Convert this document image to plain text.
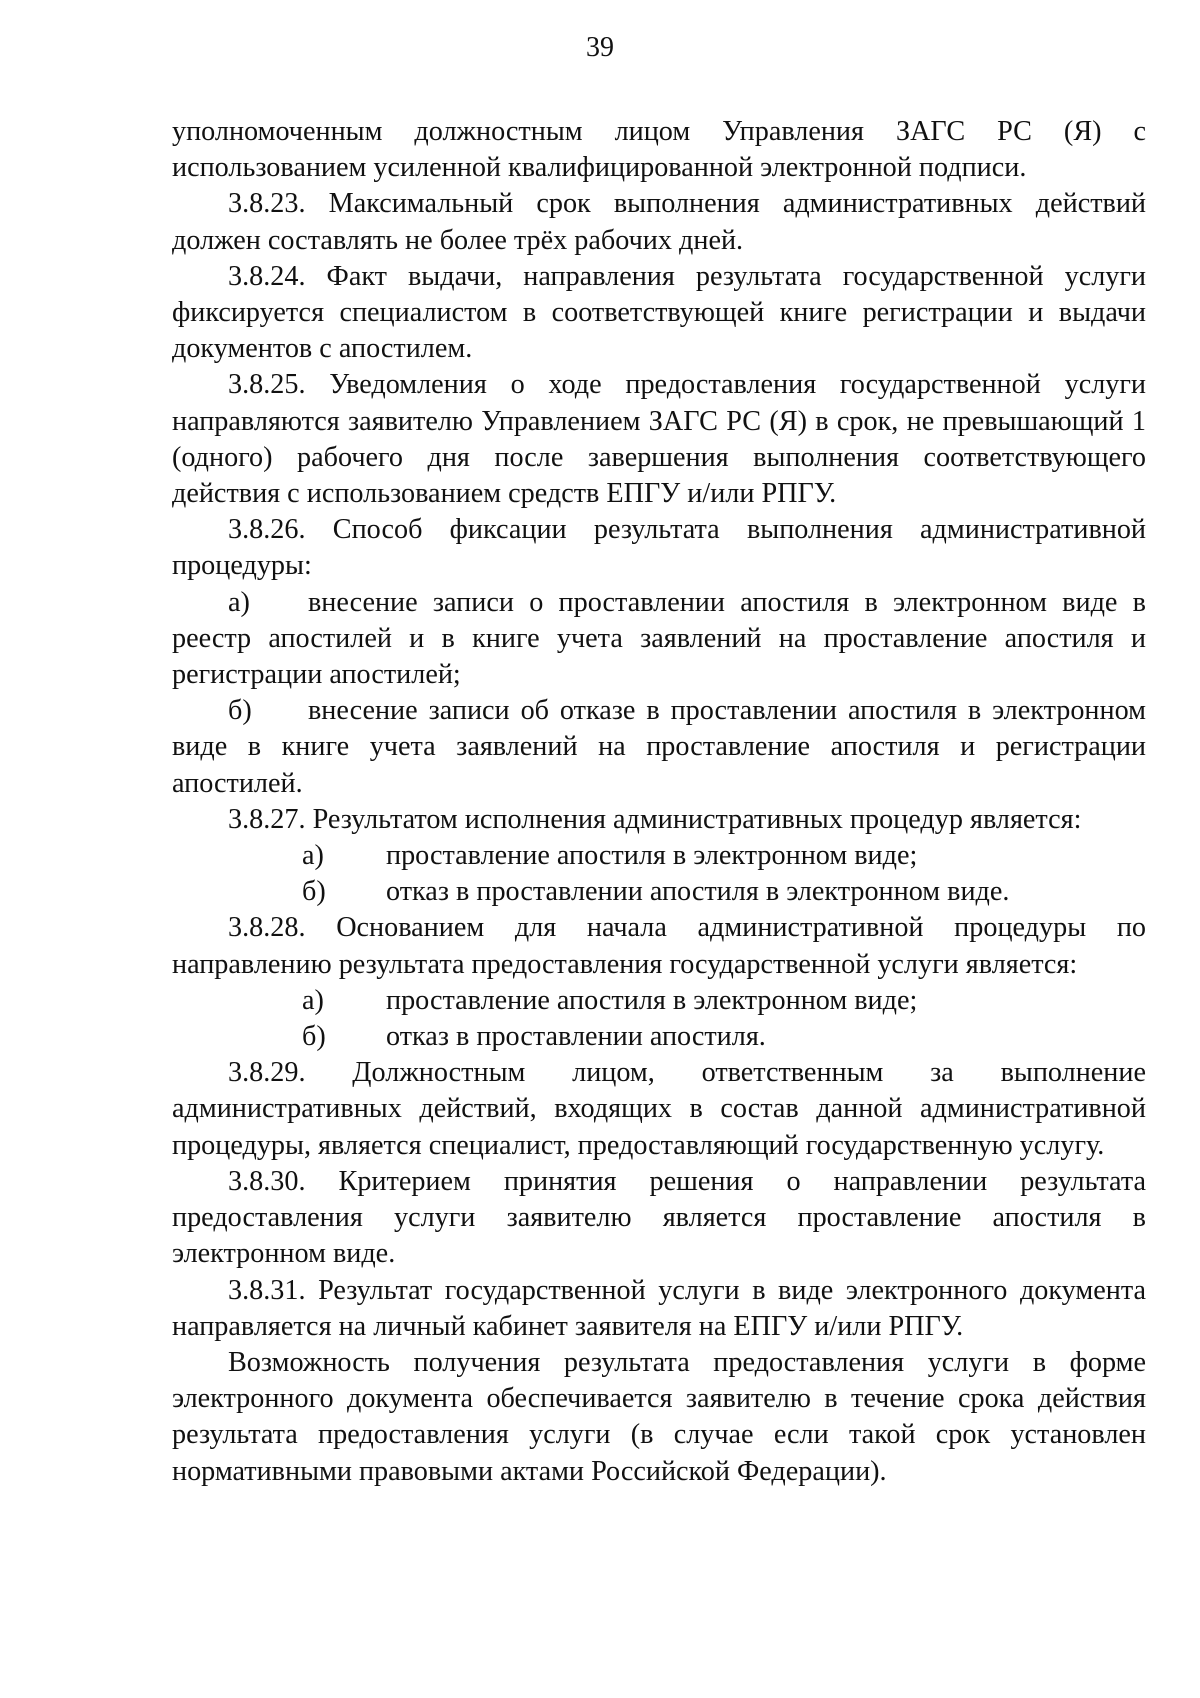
39

уполномоченным должностным лицом Управления ЗАГС РС (Я) с использованием усиленной квалифицированной электронной подписи.

3.8.23. Максимальный срок выполнения административных действий должен составлять не более трёх рабочих дней.

3.8.24. Факт выдачи, направления результата государственной услуги фиксируется специалистом в соответствующей книге регистрации и выдачи документов с апостилем.

3.8.25. Уведомления о ходе предоставления государственной услуги направляются заявителю Управлением ЗАГС РС (Я) в срок, не превышающий 1 (одного) рабочего дня после завершения выполнения соответствующего действия с использованием средств ЕПГУ и/или РПГУ.

3.8.26. Способ фиксации результата выполнения административной процедуры:

а) внесение записи о проставлении апостиля в электронном виде в реестр апостилей и в книге учета заявлений на проставление апостиля и регистрации апостилей;

б) внесение записи об отказе в проставлении апостиля в электронном виде в книге учета заявлений на проставление апостиля и регистрации апостилей.

3.8.27. Результатом исполнения административных процедур является:

а)	проставление апостиля в электронном виде;
б)	отказ в проставлении апостиля в электронном виде.

3.8.28. Основанием для начала административной процедуры по направлению результата предоставления государственной услуги является:

а)	проставление апостиля в электронном виде;
б)	отказ в проставлении апостиля.

3.8.29. Должностным лицом, ответственным за выполнение административных действий, входящих в состав данной административной процедуры, является специалист, предоставляющий государственную услугу.

3.8.30. Критерием принятия решения о направлении результата предоставления услуги заявителю является проставление апостиля в электронном виде.

3.8.31. Результат государственной услуги в виде электронного документа направляется на личный кабинет заявителя на ЕПГУ и/или РПГУ.

Возможность получения результата предоставления услуги в форме электронного документа обеспечивается заявителю в течение срока действия результата предоставления услуги (в случае если такой срок установлен нормативными правовыми актами Российской Федерации).
